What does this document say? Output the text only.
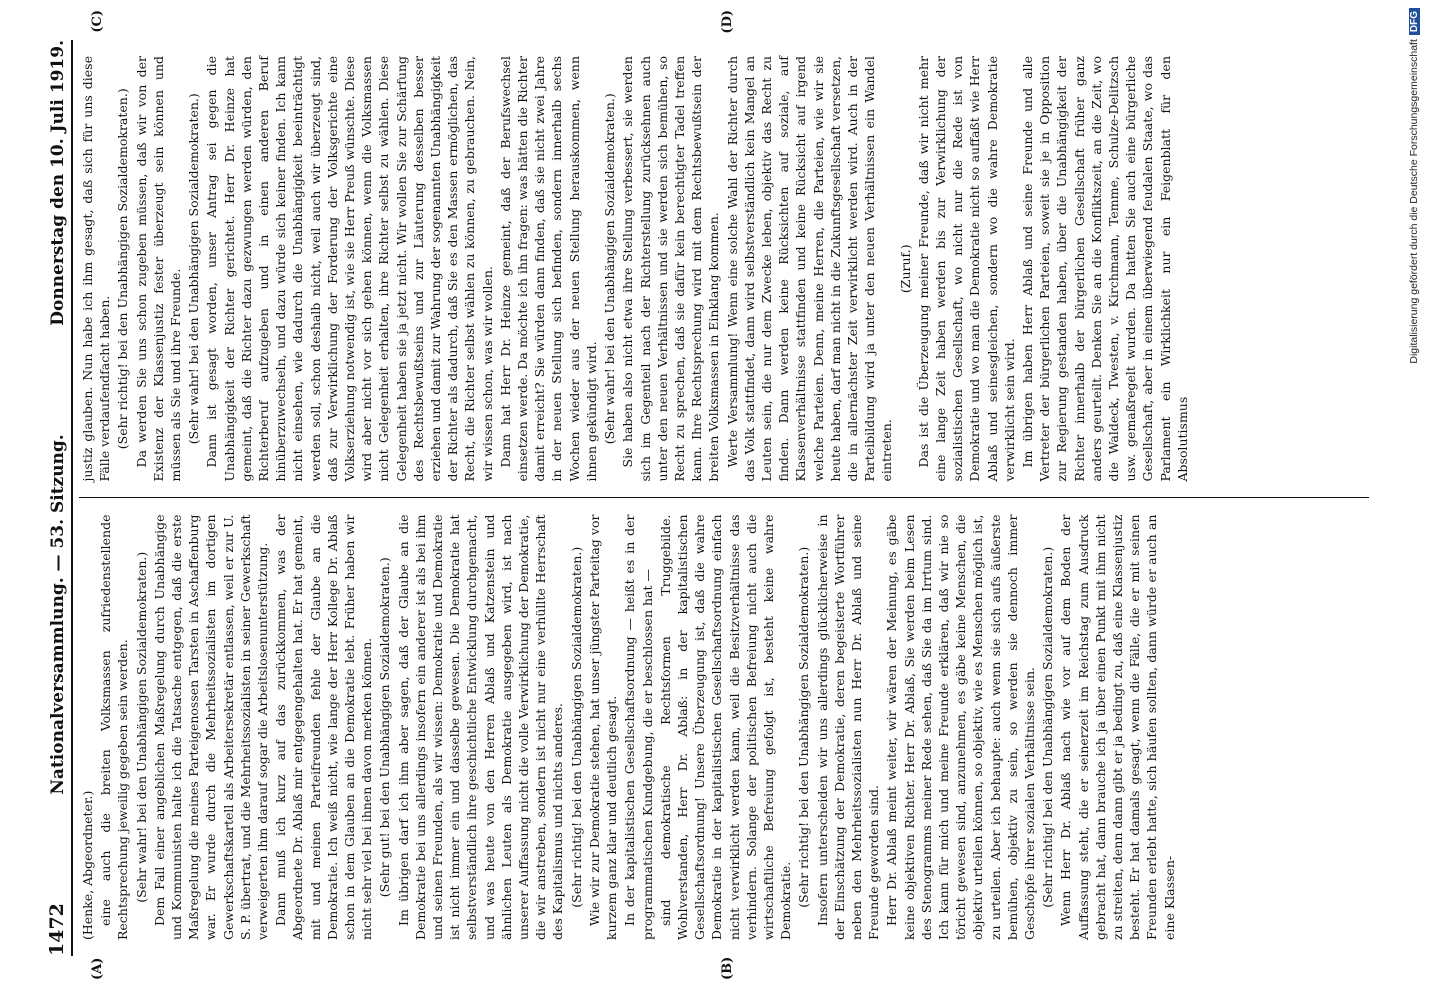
1472
Nationalversammlung. — 53. Sitzung.
Donnerstag den 10. Juli 1919.
(A)	(B)

(Henke, Abgeordneter.) eine auch die breiten Volksmassen zufriedenstellende Rechtsprechung jeweilig gegeben sein werden. (Sehr wahr! bei den Unabhängigen Sozialdemokraten.) Dem Fall einer angeblichen Maßregelung durch Unabhängige und Kommunisten halte ich die Tatsache entgegen, daß die erste Maßregelung die meines Parteigenossen Tarsten in Aschaffenburg war. Er wurde durch die Mehrheitssozialisten im dortigen Gewerkschaftskartell als Arbeitersekretär entlassen, weil er zur U. S. P. übertrat, und die Mehrheitssozialisten in seiner Gewerkschaft verweigerten ihm darauf sogar die Arbeitslosenunterstützung. Dann muß ich kurz auf das zurückkommen, was der Abgeordnete Dr. Ablaß mir entgegengehalten hat. Er hat gemeint, mit und meinen Parteifreunden fehle der Glaube an die Demokratie. Ich weiß nicht, wie lange der Herr Kollege Dr. Ablaß schon in dem Glauben an die Demokratie lebt. Früher haben wir nicht sehr viel bei ihnen davon merken können. (Sehr gut! bei den Unabhängigen Sozialdemokraten.) Im übrigen darf ich ihm aber sagen, daß der Glaube an die Demokratie bei uns allerdings insofern ein anderer ist als bei ihm und seinen Freunden, als wir wissen: Demokratie und Demokratie ist nicht immer ein und dasselbe gewesen. Die Demokratie hat selbstverständlich ihre geschichtliche Entwicklung durchgemacht, und was heute von den Herren Ablaß und Katzenstein und ähnlichen Leuten als Demokratie ausgegeben wird, ist nach unserer Auffassung nicht die volle Verwirklichung der Demokratie, die wir anstreben, sondern ist nicht nur eine verhüllte Herrschaft des Kapitalismus und nichts anderes. (Sehr richtig! bei den Unabhängigen Sozialdemokraten.) Wie wir zur Demokratie stehen, hat unser jüngster Parteitag vor kurzem ganz klar und deutlich gesagt. In der kapitalistischen Gesellschaftsordnung — heißt es in der programmatischen Kundgebung, die er beschlossen hat — sind demokratische Rechtsformen Truggebilde. Wohlverstanden, Herr Dr. Ablaß: in der kapitalistischen Gesellschaftsordnung! Unsere Überzeugung ist, daß die wahre Demokratie in der kapitalistischen Gesellschaftsordnung einfach nicht verwirklicht werden kann, weil die Besitzverhältnisse das verhindern. Solange der politischen Befreiung nicht auch die wirtschaftliche Befreiung gefolgt ist, besteht keine wahre Demokratie. (Sehr richtig! bei den Unabhängigen Sozialdemokraten.) Insofern unterscheiden wir uns allerdings glücklicherweise in der Einschätzung der Demokratie, deren begeisterte Wortführer neben den Mehrheitssozialisten nun Herr Dr. Ablaß und seine Freunde geworden sind. Herr Dr. Ablaß meint weiter, wir wären der Meinung, es gäbe keine objektiven Richter. Herr Dr. Ablaß, Sie werden beim Lesen des Stenogramms meiner Rede sehen, daß Sie da im Irrtum sind. Ich kann für mich und meine Freunde erklären, daß wir nie so töricht gewesen sind, anzunehmen, es gäbe keine Menschen, die objektiv urteilen können, so objektiv, wie es Menschen möglich ist, zu urteilen. Aber ich behaupte: auch wenn sie sich aufs äußerste bemühen, objektiv zu sein, so werden sie dennoch immer Geschöpfe ihrer sozialen Verhältnisse sein. (Sehr richtig! bei den Unabhängigen Sozialdemokraten.) Wenn Herr Dr. Ablaß nach wie vor auf dem Boden der Auffassung steht, die er seinerzeit im Reichstag zum Ausdruck gebracht hat, dann brauche ich ja über einen Punkt mit ihm nicht zu streiten, denn dann gibt er ja bedingt zu, daß eine Klassenjustiz besteht. Er hat damals gesagt, wenn die Fälle, die er mit seinen Freunden erlebt hatte, sich häufen sollten, dann würde er auch an eine Klassen-

(C)	(D)

justiz glauben. Nun habe ich ihm gesagt, daß sich für uns diese Fälle verdaufendfacht haben. (Sehr richtig! bei den Unabhängigen Sozialdemokraten.) Da werden Sie uns schon zugeben müssen, daß wir von der Existenz der Klassenjustiz fester überzeugt sein können und müssen als Sie und ihre Freunde. (Sehr wahr! bei den Unabhängigen Sozialdemokraten.) Dann ist gesagt worden, unser Antrag sei gegen die Unabhängigkeit der Richter gerichtet. Herr Dr. Heinze hat gemeint, daß die Richter dazu gezwungen werden würden, den Richterberuf aufzugeben und in einen anderen Beruf hinüberzuwechseln, und dazu würde sich keiner finden. Ich kann nicht einsehen, wie dadurch die Unabhängigkeit beeinträchtigt werden soll, schon deshalb nicht, weil auch wir überzeugt sind, daß zur Verwirklichung der Forderung der Volksgerichte eine Volkserziehung notwendig ist, wie sie Herr Preuß wünschte. Diese wird aber nicht vor sich gehen können, wenn die Volksmassen nicht Gelegenheit erhalten, ihre Richter selbst zu wählen. Diese Gelegenheit haben sie ja jetzt nicht. Wir wollen Sie zur Schärfung des Rechtsbewußtseins und zur Läuterung desselben besser erziehen und damit zur Wahrung der sogenannten Unabhängigkeit der Richter als dadurch, daß Sie es den Massen ermöglichen, das Recht, die Richter selbst wählen zu können, zu gebrauchen. Nein, wir wissen schon, was wir wollen. Dann hat Herr Dr. Heinze gemeint, daß der Berufswechsel einsetzen werde. Da möchte ich ihn fragen: was hätten die Richter damit erreicht? Sie würden dann finden, daß sie nicht zwei Jahre in der neuen Stellung sich befinden, sondern innerhalb sechs Wochen wieder aus der neuen Stellung herauskommen, wenn ihnen gekündigt wird. (Sehr wahr! bei den Unabhängigen Sozialdemokraten.) Sie haben also nicht etwa ihre Stellung verbessert, sie werden sich im Gegenteil nach der Richterstellung zurücksehnen auch unter den neuen Verhältnissen und sie werden sich bemühen, so Recht zu sprechen, daß sie dafür kein berechtigter Tadel treffen kann. Ihre Rechtsprechung wird mit dem Rechtsbewußtsein der breiten Volksmassen in Einklang kommen. Werte Versammlung! Wenn eine solche Wahl der Richter durch das Volk stattfindet, dann wird selbstverständlich kein Mangel an Leuten sein, die nur dem Zwecke leben, objektiv das Recht zu finden. Dann werden keine Rücksichten auf soziale, auf Klassenverhältnisse stattfinden und keine Rücksicht auf irgend welche Parteien. Denn, meine Herren, die Parteien, wie wir sie heute haben, darf man nicht in die Zukunftsgesellschaft versetzen, die in allernächster Zeit verwirklicht werden wird. Auch in der Parteibildung wird ja unter den neuen Verhältnissen ein Wandel eintreten.

(Zuruf.) Das ist die Überzeugung meiner Freunde, daß wir nicht mehr eine lange Zeit haben werden bis zur Verwirklichung der sozialistischen Gesellschaft, wo nicht nur die Rede ist von Demokratie und wo man die Demokratie nicht so auffaßt wie Herr Ablaß und seinesgleichen, sondern wo die wahre Demokratie verwirklicht sein wird. Im übrigen haben Herr Ablaß und seine Freunde und alle Vertreter der bürgerlichen Parteien, soweit sie je in Opposition zur Regierung gestanden haben, über die Unabhängigkeit der Richter innerhalb der bürgerlichen Gesellschaft früher ganz anders geurteilt. Denken Sie an die Konfliktszeit, an die Zeit, wo die Waldeck, Twesten, v. Kirchmann, Temme, Schulze-Delitzsch usw. gemaßregelt wurden. Da hatten Sie auch eine bürgerliche Gesellschaft, aber in einem überwiegend feudalen Staate, wo das Parlament ein Wirklichkeit nur ein Feigenblatt für den Absolutismus

Digitalisierung gefördert durch die Deutsche ForschungsgemeinschaftDFG
